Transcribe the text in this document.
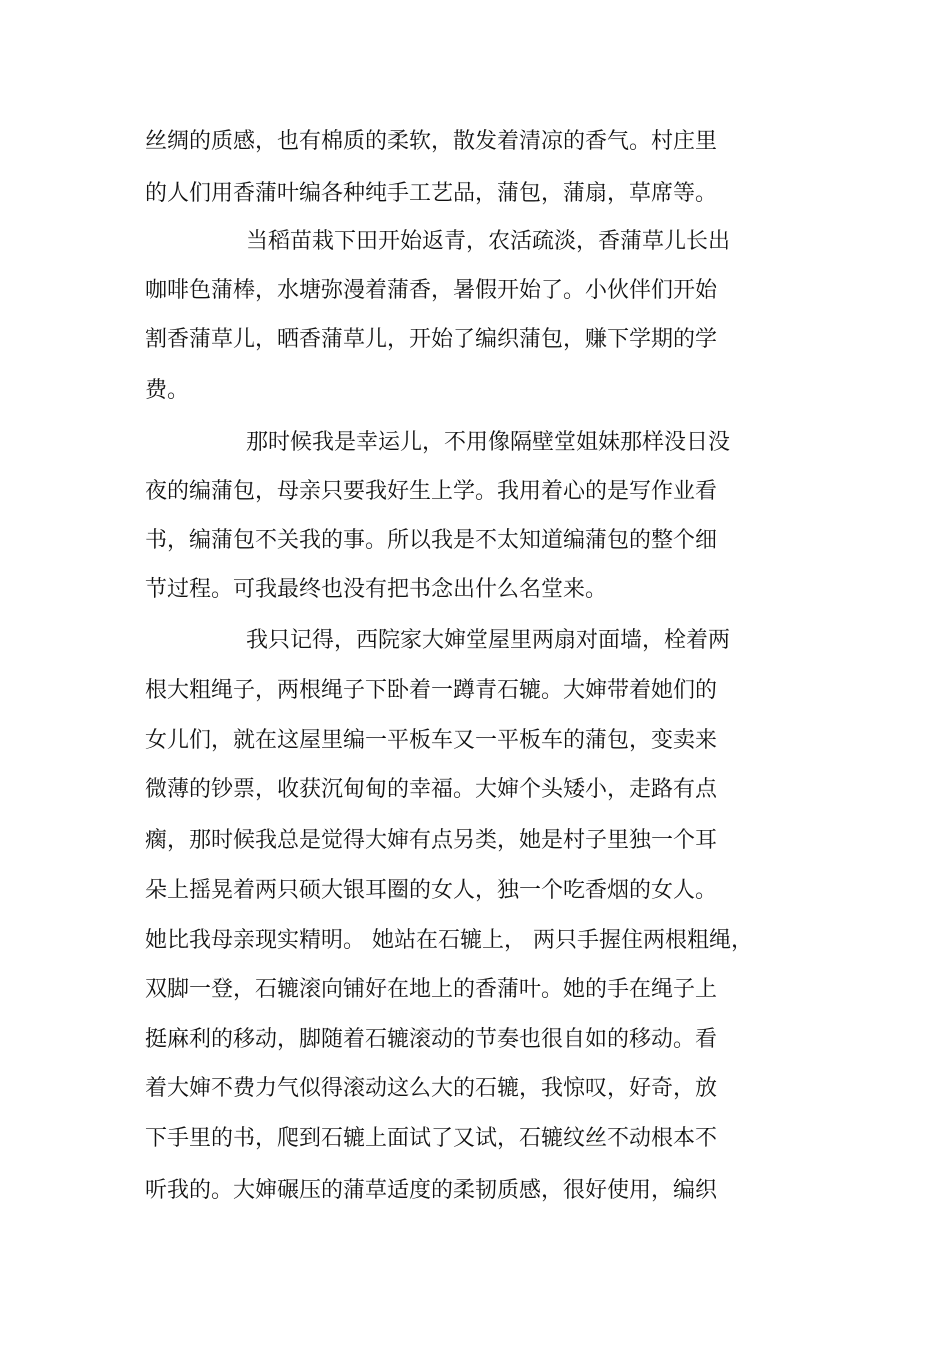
丝绸的质感，也有棉质的柔软，散发着清凉的香气。村庄里
的人们用香蒲叶编各种纯手工艺品，蒲包，蒲扇，草席等。
当稻苗栽下田开始返青，农活疏淡，香蒲草儿长出
咖啡色蒲棒，水塘弥漫着蒲香，暑假开始了。小伙伴们开始
割香蒲草儿，晒香蒲草儿，开始了编织蒲包，赚下学期的学
费。
那时候我是幸运儿，不用像隔壁堂姐妹那样没日没
夜的编蒲包，母亲只要我好生上学。我用着心的是写作业看
书，编蒲包不关我的事。所以我是不太知道编蒲包的整个细
节过程。可我最终也没有把书念出什么名堂来。
我只记得，西院家大婶堂屋里两扇对面墙，栓着两
根大粗绳子，两根绳子下卧着一蹲青石辘。大婶带着她们的
女儿们，就在这屋里编一平板车又一平板车的蒲包，变卖来
微薄的钞票，收获沉甸甸的幸福。大婶个头矮小，走路有点
瘸，那时候我总是觉得大婶有点另类，她是村子里独一个耳
朵上摇晃着两只硕大银耳圈的女人，独一个吃香烟的女人。
她比我母亲现实精明。 她站在石辘上， 两只手握住两根粗绳，
双脚一登，石辘滚向铺好在地上的香蒲叶。她的手在绳子上
挺麻利的移动，脚随着石辘滚动的节奏也很自如的移动。看
着大婶不费力气似得滚动这么大的石辘，我惊叹，好奇，放
下手里的书，爬到石辘上面试了又试，石辘纹丝不动根本不
听我的。大婶碾压的蒲草适度的柔韧质感，很好使用，编织
